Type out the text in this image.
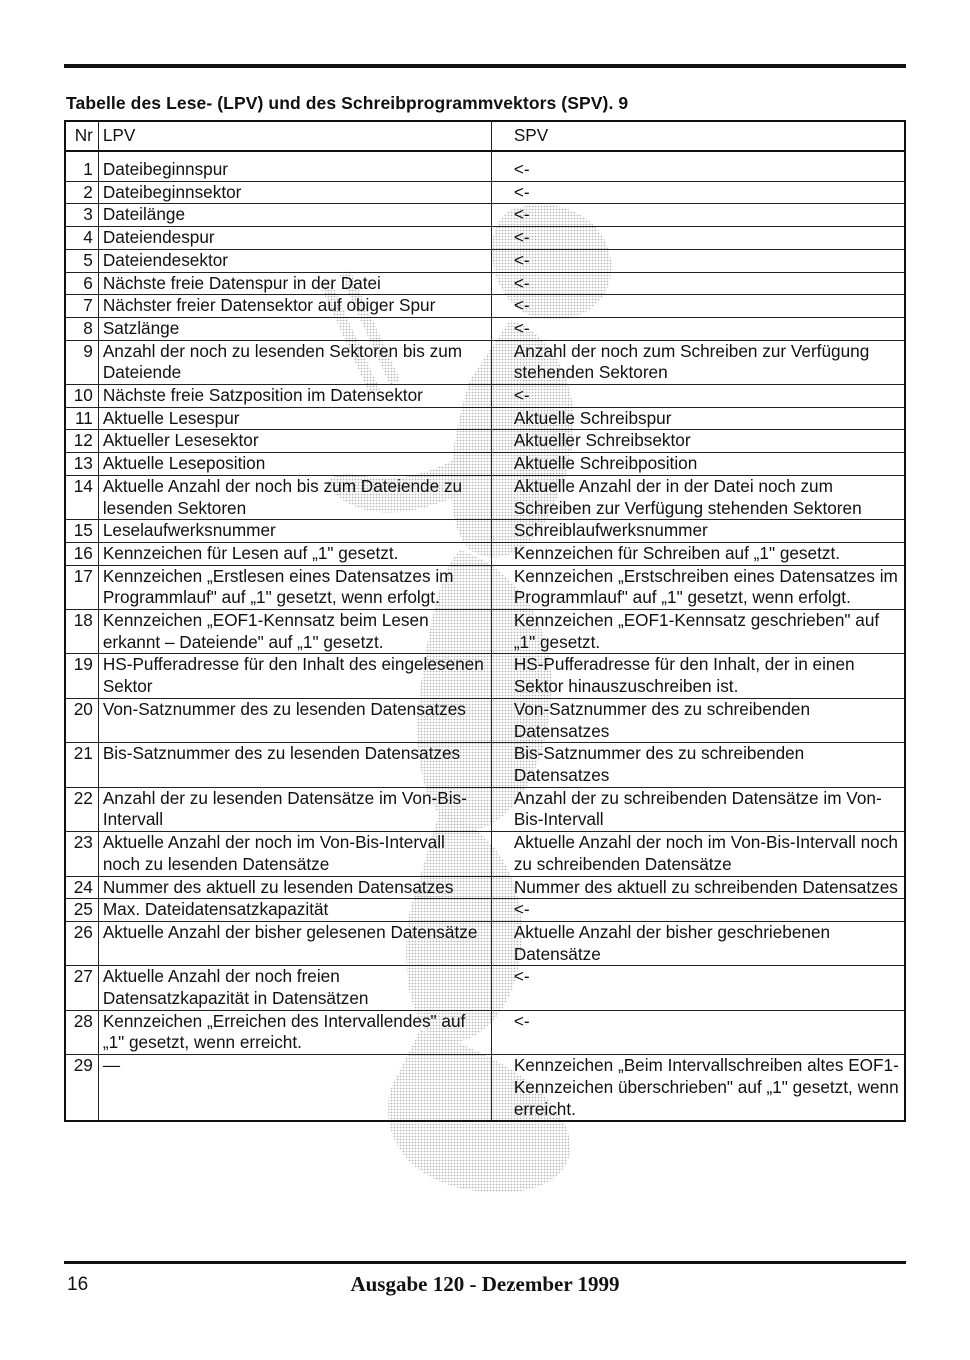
Tabelle des Lese- (LPV) und des Schreibprogrammvektors (SPV). 9
Nr	LPV	SPV
1	Dateibeginnspur	<-
2	Dateibeginnsektor	<-
3	Dateilänge	<-
4	Dateiendespur	<-
5	Dateiendesektor	<-
6	Nächste freie Datenspur in der Datei	<-
7	Nächster freier Datensektor auf obiger Spur	<-
8	Satzlänge	<-
9	Anzahl der noch zu lesenden Sektoren bis zum Dateiende	Anzahl der noch zum Schreiben zur Verfügung stehenden Sektoren
10	Nächste freie Satzposition im Datensektor	<-
11	Aktuelle Lesespur	Aktuelle Schreibspur
12	Aktueller Lesesektor	Aktueller Schreibsektor
13	Aktuelle Leseposition	Aktuelle Schreibposition
14	Aktuelle Anzahl der noch bis zum Dateiende zu lesenden Sektoren	Aktuelle Anzahl der in der Datei noch zum Schreiben zur Verfügung stehenden Sektoren
15	Leselaufwerksnummer	Schreiblaufwerksnummer
16	Kennzeichen für Lesen auf „1" gesetzt.	Kennzeichen für Schreiben auf „1" gesetzt.
17	Kennzeichen „Erstlesen eines Datensatzes im Programmlauf" auf „1" gesetzt, wenn erfolgt.	Kennzeichen „Erstschreiben eines Datensatzes im Programmlauf" auf „1" gesetzt, wenn erfolgt.
18	Kennzeichen „EOF1-Kennsatz beim Lesen erkannt – Dateiende" auf „1" gesetzt.	Kennzeichen „EOF1-Kennsatz geschrieben" auf „1" gesetzt.
19	HS-Pufferadresse für den Inhalt des eingelesenen Sektor	HS-Pufferadresse für den Inhalt, der in einen Sektor hinauszuschreiben ist.
20	Von-Satznummer des zu lesenden Datensatzes	Von-Satznummer des zu schreibenden Datensatzes
21	Bis-Satznummer des zu lesenden Datensatzes	Bis-Satznummer des zu schreibenden Datensatzes
22	Anzahl der zu lesenden Datensätze im Von-Bis-Intervall	Anzahl der zu schreibenden Datensätze im Von-Bis-Intervall
23	Aktuelle Anzahl der noch im Von-Bis-Intervall noch zu lesenden Datensätze	Aktuelle Anzahl der noch im Von-Bis-Intervall noch zu schreibenden Datensätze
24	Nummer des aktuell zu lesenden Datensatzes	Nummer des aktuell zu schreibenden Datensatzes
25	Max. Dateidatensatzkapazität	<-
26	Aktuelle Anzahl der bisher gelesenen Datensätze	Aktuelle Anzahl der bisher geschriebenen Datensätze
27	Aktuelle Anzahl der noch freien Datensatzkapazität in Datensätzen	<-
28	Kennzeichen „Erreichen des Intervallendes" auf „1" gesetzt, wenn erreicht.	<-
29	—	Kennzeichen „Beim Intervallschreiben altes EOF1-Kennzeichen überschrieben" auf „1" gesetzt, wenn erreicht.
16	Ausgabe 120 - Dezember 1999
